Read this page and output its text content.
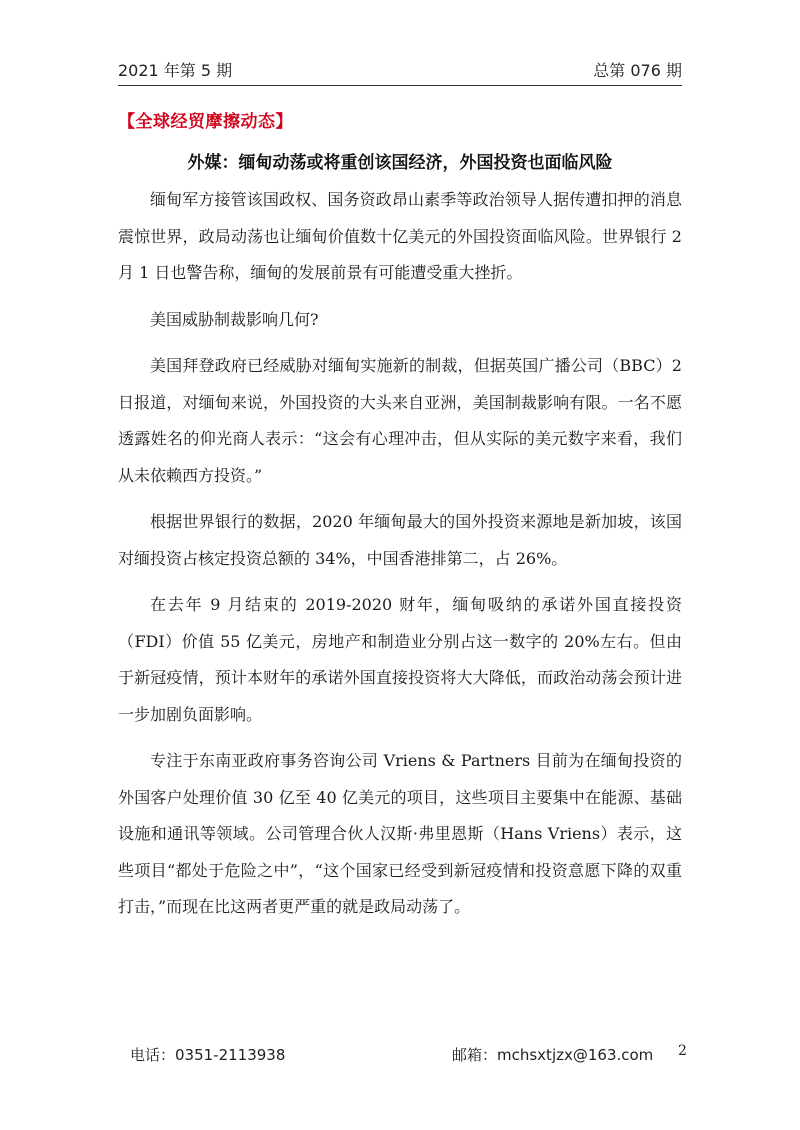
2021 年第 5 期	总第 076 期
【全球经贸摩擦动态】
外媒：缅甸动荡或将重创该国经济，外国投资也面临风险

缅甸军方接管该国政权、国务资政昂山素季等政治领导人据传遭扣押的消息震惊世界，政局动荡也让缅甸价值数十亿美元的外国投资面临风险。世界银行 2 月 1 日也警告称，缅甸的发展前景有可能遭受重大挫折。

美国威胁制裁影响几何?

美国拜登政府已经威胁对缅甸实施新的制裁，但据英国广播公司（BBC）2 日报道，对缅甸来说，外国投资的大头来自亚洲，美国制裁影响有限。一名不愿透露姓名的仰光商人表示：“这会有心理冲击，但从实际的美元数字来看，我们从未依赖西方投资。”

根据世界银行的数据，2020 年缅甸最大的国外投资来源地是新加坡，该国对缅投资占核定投资总额的 34%，中国香港排第二，占 26%。

在去年 9 月结束的 2019-2020 财年，缅甸吸纳的承诺外国直接投资（FDI）价值 55 亿美元，房地产和制造业分别占这一数字的 20%左右。但由于新冠疫情，预计本财年的承诺外国直接投资将大大降低，而政治动荡会预计进一步加剧负面影响。

专注于东南亚政府事务咨询公司 Vriens & Partners 目前为在缅甸投资的外国客户处理价值 30 亿至 40 亿美元的项目，这些项目主要集中在能源、基础设施和通讯等领域。公司管理合伙人汉斯·弗里恩斯（Hans Vriens）表示，这些项目“都处于危险之中”，“这个国家已经受到新冠疫情和投资意愿下降的双重打击，”而现在比这两者更严重的就是政局动荡了。

电话：0351-2113938	邮箱：mchsxtjzx@163.com 2
